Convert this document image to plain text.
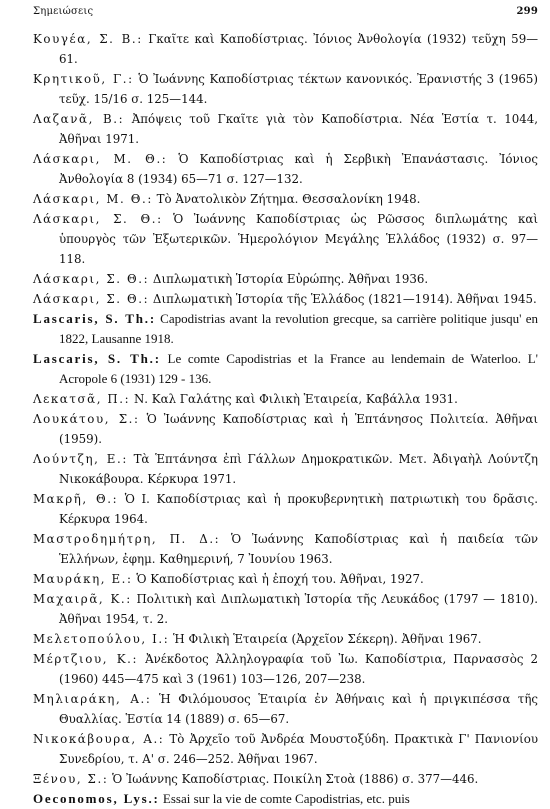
Σημειώσεις	299

Κουγέα, Σ. Β.: Γκαῖτε καὶ Καποδίστριας. Ἰόνιος Ἀνθολογία (1932) τεῦχη 59—61.

Κρητικοῦ, Γ.: Ὁ Ἰωάννης Καποδίστριας τέκτων κανονικός. Ἐρανιστής 3 (1965) τεῦχ. 15/16 σ. 125—144.

Λαζανᾶ, Β.: Ἀπόψεις τοῦ Γκαῖτε γιὰ τὸν Καποδίστρια. Νέα Ἑστία τ. 1044, Ἀθῆναι 1971.

Λάσκαρι, Μ. Θ.: Ὁ Καποδίστριας καὶ ἡ Σερβικὴ Ἐπανάστασις. Ἰόνιος Ἀνθολογία 8 (1934) 65—71 σ. 127—132.

Λάσκαρι, Μ. Θ.: Τὸ Ἀνατολικὸν Ζήτημα. Θεσσαλονίκη 1948.

Λάσκαρι, Σ. Θ.: Ὁ Ἰωάννης Καποδίστριας ὡς Ρῶσσος διπλωμάτης καὶ ὑπουργὸς τῶν Ἐξωτερικῶν. Ἡμερολόγιον Μεγάλης Ἑλλάδος (1932) σ. 97—118.

Λάσκαρι, Σ. Θ.: Διπλωματικὴ Ἱστορία Εὐρώπης. Ἀθῆναι 1936.

Λάσκαρι, Σ. Θ.: Διπλωματικὴ Ἱστορία τῆς Ἑλλάδος (1821—1914). Ἀθῆναι 1945.

Lascaris, S. Th.: Capodistrias avant la revolution grecque, sa carrière politique jusqu' en 1822, Lausanne 1918.

Lascaris, S. Th.: Le comte Capodistrias et la France au lendemain de Waterloo. L' Acropole 6 (1931) 129 - 136.

Λεκατσᾶ, Π.: Ν. Καλ Γαλάτης καὶ Φιλικὴ Ἑταιρεία, Καβάλλα 1931.

Λουκάτου, Σ.: Ὁ Ἰωάννης Καποδίστριας καὶ ἡ Ἑπτάνησος Πολιτεία. Ἀθῆναι (1959).

Λούντζη, Ε.: Τὰ Ἑπτάνησα ἐπὶ Γάλλων Δημοκρατικῶν. Μετ. Ἀδιγαὴλ Λούντζη Νικοκάβουρα. Κέρκυρα 1971.

Μακρῆ, Θ.: Ὁ Ι. Καποδίστριας καὶ ἡ προκυβερνητικὴ πατριωτικὴ του δρᾶσις. Κέρκυρα 1964.

Μαστροδημήτρη, Π. Δ.: Ὁ Ἰωάννης Καποδίστριας καὶ ἡ παιδεία τῶν Ἑλλήνων, ἐφημ. Καθημερινή, 7 Ἰουνίου 1963.

Μαυράκη, Ε.: Ὁ Καποδίστριας καὶ ἡ ἐποχή του. Ἀθῆναι, 1927.

Μαχαιρᾶ, Κ.: Πολιτικὴ καὶ Διπλωματικὴ Ἱστορία τῆς Λευκάδος (1797 — 1810). Ἀθῆναι 1954, τ. 2.

Μελετοπούλου, Ι.: Ἡ Φιλικὴ Ἑταιρεία (Ἀρχεῖον Σέκερη). Ἀθῆναι 1967.

Μέρτζιου, Κ.: Ἀνέκδοτος Ἀλληλογραφία τοῦ Ἰω. Καποδίστρια, Παρνασσὸς 2 (1960) 445—475 καὶ 3 (1961) 103—126, 207—238.

Μηλιαράκη, Α.: Ἡ Φιλόμουσος Ἑταιρία ἐν Ἀθήναις καὶ ἡ πριγκιπέσσα τῆς Θυαλλίας. Ἑστία 14 (1889) σ. 65—67.

Νικοκάβουρα, Α.: Τὸ Ἀρχεῖο τοῦ Ἀνδρέα Μουστοξύδη. Πρακτικὰ Γ' Πανιονίου Συνεδρίου, τ. Α' σ. 246—252. Ἀθῆναι 1967.

Ξένου, Σ.: Ὁ Ἰωάννης Καποδίστριας. Ποικίλη Στοὰ (1886) σ. 377—446.

Oeconomos, Lys.: Essai sur la vie de comte Capodistrias, etc. puis
